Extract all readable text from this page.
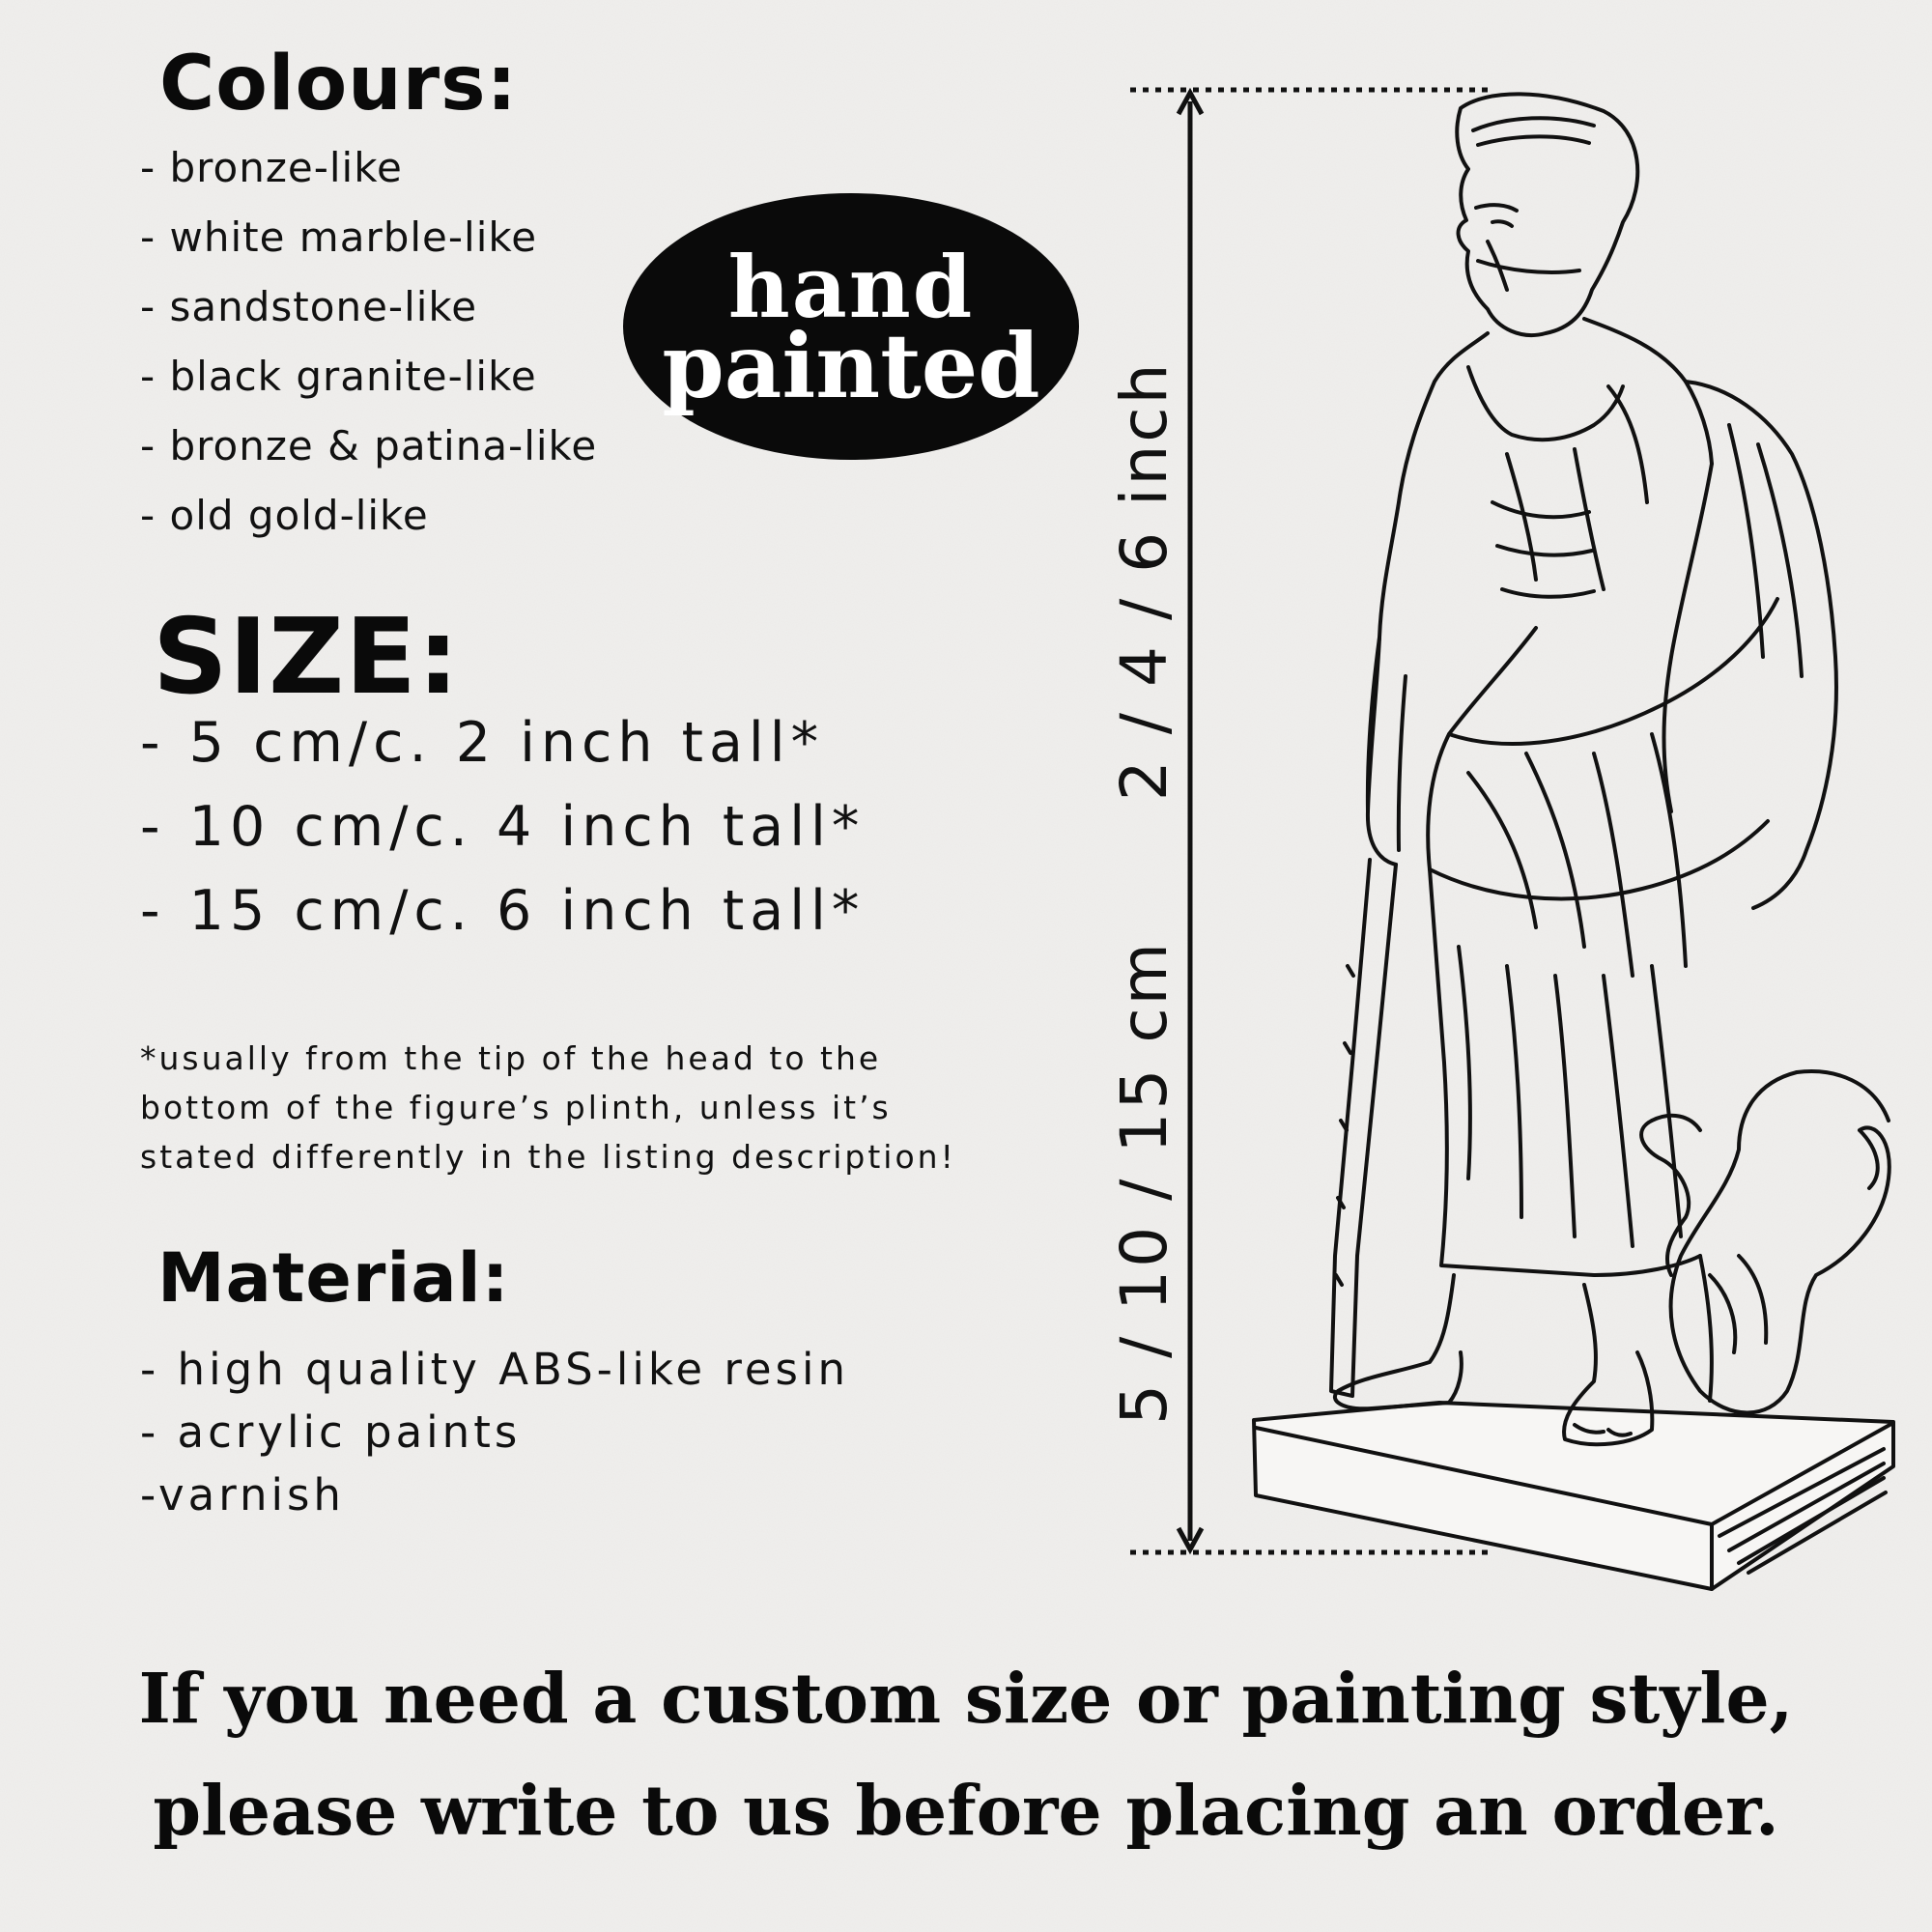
Colours:
- bronze-like
- white marble-like
- sandstone-like
- black granite-like
- bronze & patina-like
- old gold-like
hand
painted
SIZE:
- 5 cm/c. 2 inch tall*
- 10 cm/c. 4 inch tall*
- 15 cm/c. 6 inch tall*
*usually from the tip of the head to the bottom of the figure’s plinth, unless it’s stated differently in the listing description!
Material:
- high quality ABS-like resin
- acrylic paints
-varnish
5 / 10 / 15 cm      2 / 4 / 6 inch
If you need a custom size or painting style,
please write to us before placing an order.
